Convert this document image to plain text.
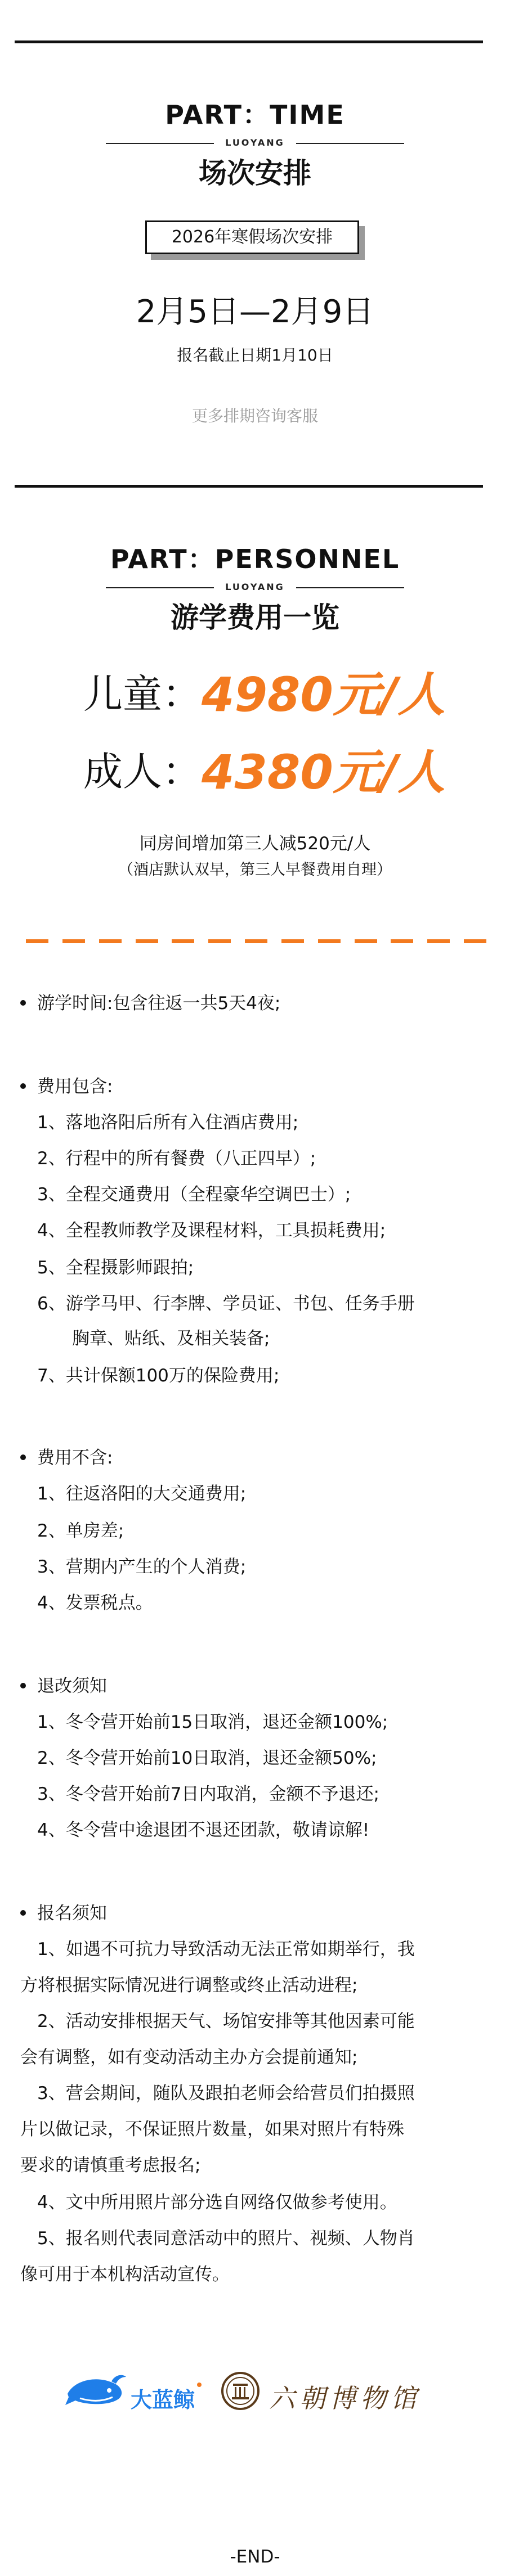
PART：TIME
LUOYANG
场次安排
2026年寒假场次安排
2月5日—2月9日
报名截止日期1月10日
更多排期咨询客服
PART：PERSONNEL
LUOYANG
游学费用一览
儿童：4980元/人
成人：4380元/人
同房间增加第三人减520元/人
（酒店默认双早，第三人早餐费用自理）
游学时间:包含往返一共5天4夜;
费用包含:
1、落地洛阳后所有入住酒店费用;
2、行程中的所有餐费（八正四早）;
3、全程交通费用（全程豪华空调巴士）;
4、全程教师教学及课程材料，工具损耗费用;
5、全程摄影师跟拍;
6、游学马甲、行李牌、学员证、书包、任务手册
胸章、贴纸、及相关装备;
7、共计保额100万的保险费用;
费用不含:
1、往返洛阳的大交通费用;
2、单房差;
3、营期内产生的个人消费;
4、发票税点。
退改须知
1、冬令营开始前15日取消，退还金额100%;
2、冬令营开始前10日取消，退还金额50%;
3、冬令营开始前7日内取消，金额不予退还;
4、冬令营中途退团不退还团款，敬请谅解!
报名须知
1、如遇不可抗力导致活动无法正常如期举行，我
方将根据实际情况进行调整或终止活动进程;
2、活动安排根据天气、场馆安排等其他因素可能
会有调整，如有变动活动主办方会提前通知;
3、营会期间，随队及跟拍老师会给营员们拍摄照
片以做记录，不保证照片数量，如果对照片有特殊
要求的请慎重考虑报名;
4、文中所用照片部分选自网络仅做参考使用。
5、报名则代表同意活动中的照片、视频、人物肖
像可用于本机构活动宣传。
大蓝鲸	六朝博物馆
-END-
